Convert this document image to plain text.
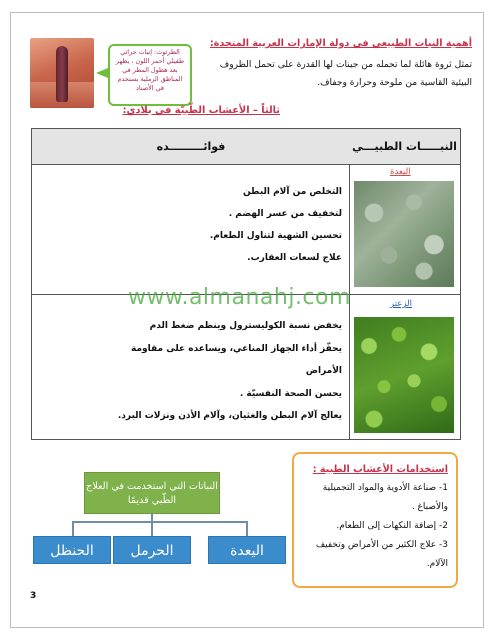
الطرثوث: إنبات جراثي طفيلي أحمر اللون ، يظهر بعد هطول المطر في المناطق الرملية يستخدم في الأصناد
أهمية النبات الطبيعي في دولة الإمارات العربية المتحدة:
تمثل ثروة هائلة لما تحمله من جينات لها القدرة على تحمل الظروف البيئية القاسية من ملوحة وحرارة وجفاف.
ثالثاً – الأعشاب الطّبيّة في بلادي:
النبـــــات الطبيـــي
فوائـــــــــده
اليعدة
التخلص من آلام البطن
لتخفيف من عسر الهضم .
تحسين الشهية لتناول الطعام.
علاج لسعات العقارب.
الزعتر
يخفض نسبة الكوليسترول وينظم ضغط الدم
يحفّز أداء الجهاز المناعي، ويساعده على مقاومة
الأمراض
يحسن الصحة النفسيّة .
يعالج آلام البطن والغثيان، وآلام الأذن ونزلات البرد.
www.almanahj.com
النباتات التي استخدمت في العلاج الطّبي قديمًا
اليعدة
الحرمل
الحنظل
استخدامات الأعشاب الطبية :
1- صناعة الأدوية والمواد التجميلية والأصباغ .
2- إضافة النكهات إلى الطعام.
3- علاج الكثير من الأمراض وتخفيف الآلام.
3
